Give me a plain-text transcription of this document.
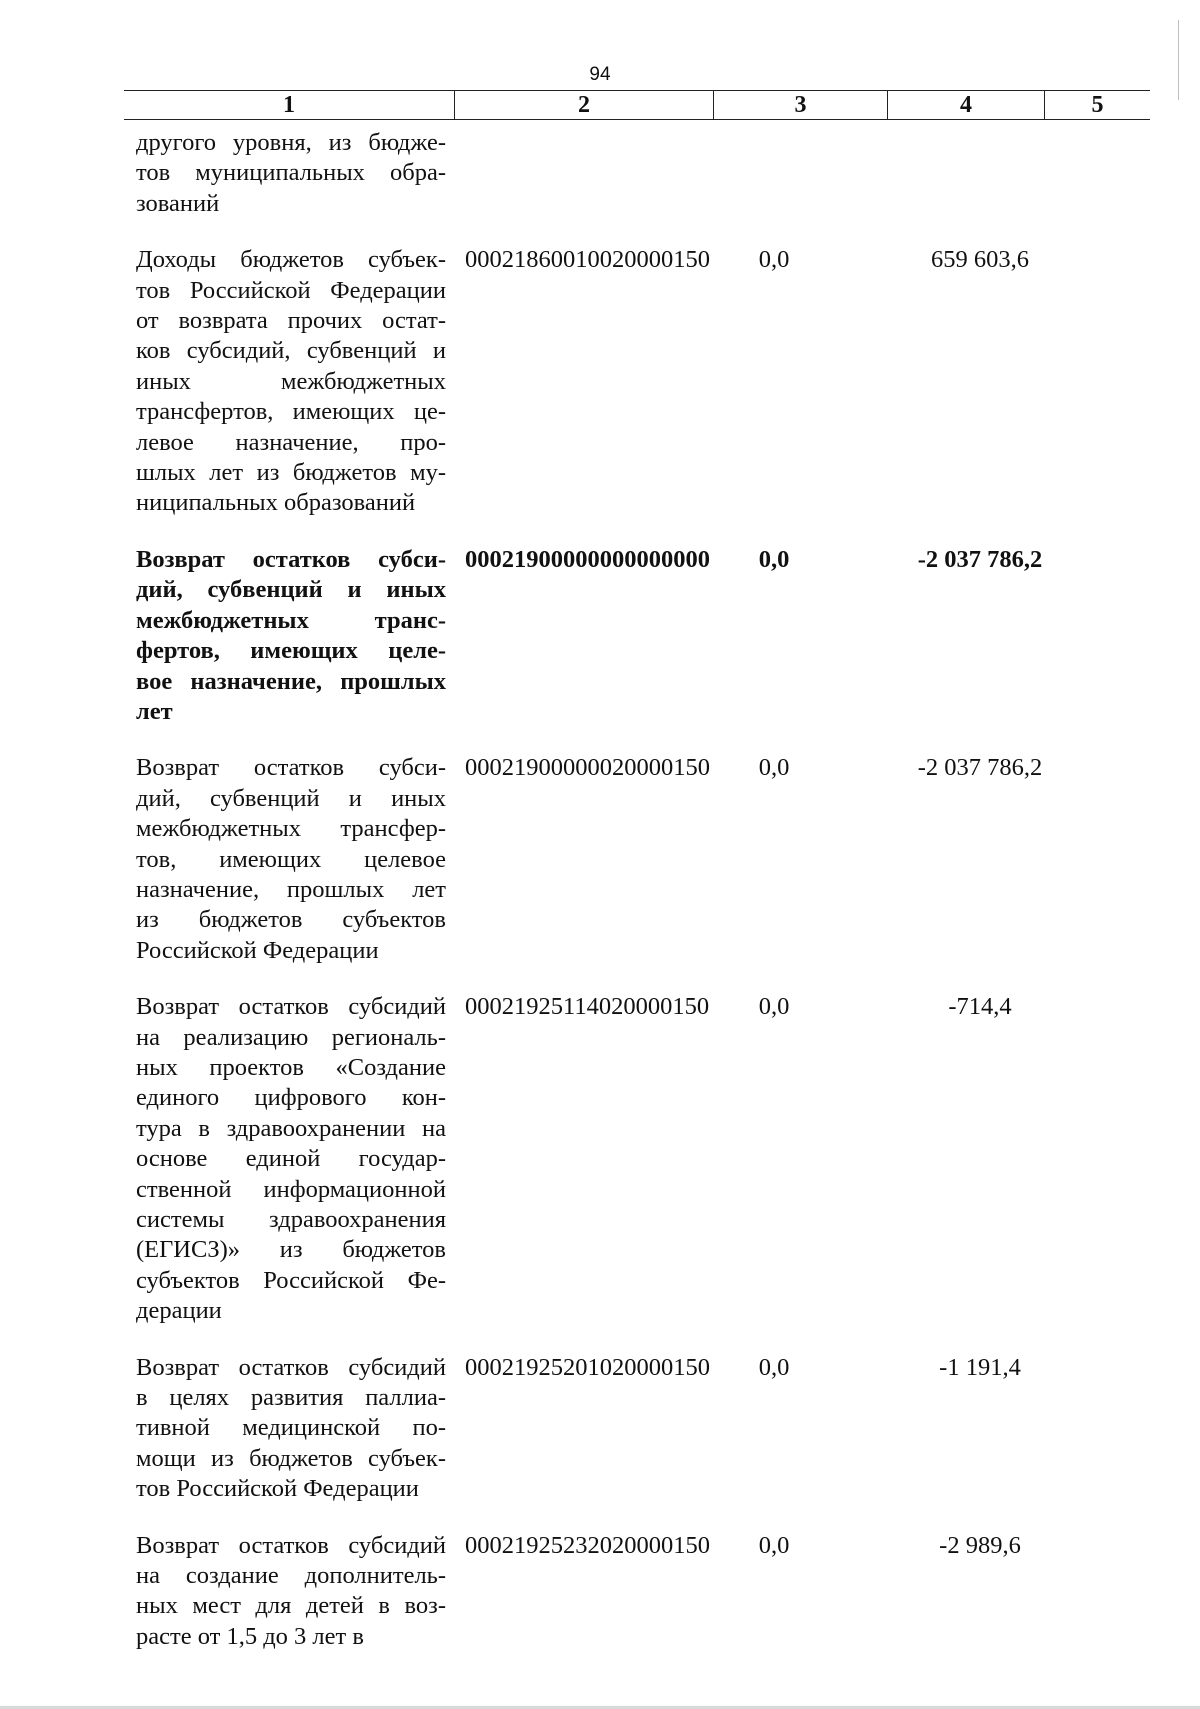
94
1	2	3	4	5
другого уровня, из бюдже-
тов муниципальных обра-
зований
Доходы бюджетов субъек-
тов Российской Федерации
от возврата прочих остат-
ков субсидий, субвенций и
иных межбюджетных
трансфертов, имеющих це-
левое назначение, про-
шлых лет из бюджетов му-
ниципальных образований
00021860010020000150	0,0	659 603,6
Возврат остатков субси-
дий, субвенций и иных
межбюджетных транс-
фертов, имеющих целе-
вое назначение, прошлых
лет
00021900000000000000	0,0	-2 037 786,2
Возврат остатков субси-
дий, субвенций и иных
межбюджетных трансфер-
тов, имеющих целевое
назначение, прошлых лет
из бюджетов субъектов
Российской Федерации
00021900000020000150	0,0	-2 037 786,2
Возврат остатков субсидий
на реализацию региональ-
ных проектов «Создание
единого цифрового кон-
тура в здравоохранении на
основе единой государ-
ственной информационной
системы здравоохранения
(ЕГИСЗ)» из бюджетов
субъектов Российской Фе-
дерации
00021925114020000150	0,0	-714,4
Возврат остатков субсидий
в целях развития паллиа-
тивной медицинской по-
мощи из бюджетов субъек-
тов Российской Федерации
00021925201020000150	0,0	-1 191,4
Возврат остатков субсидий
на создание дополнитель-
ных мест для детей в воз-
расте от 1,5 до 3 лет в
00021925232020000150	0,0	-2 989,6
